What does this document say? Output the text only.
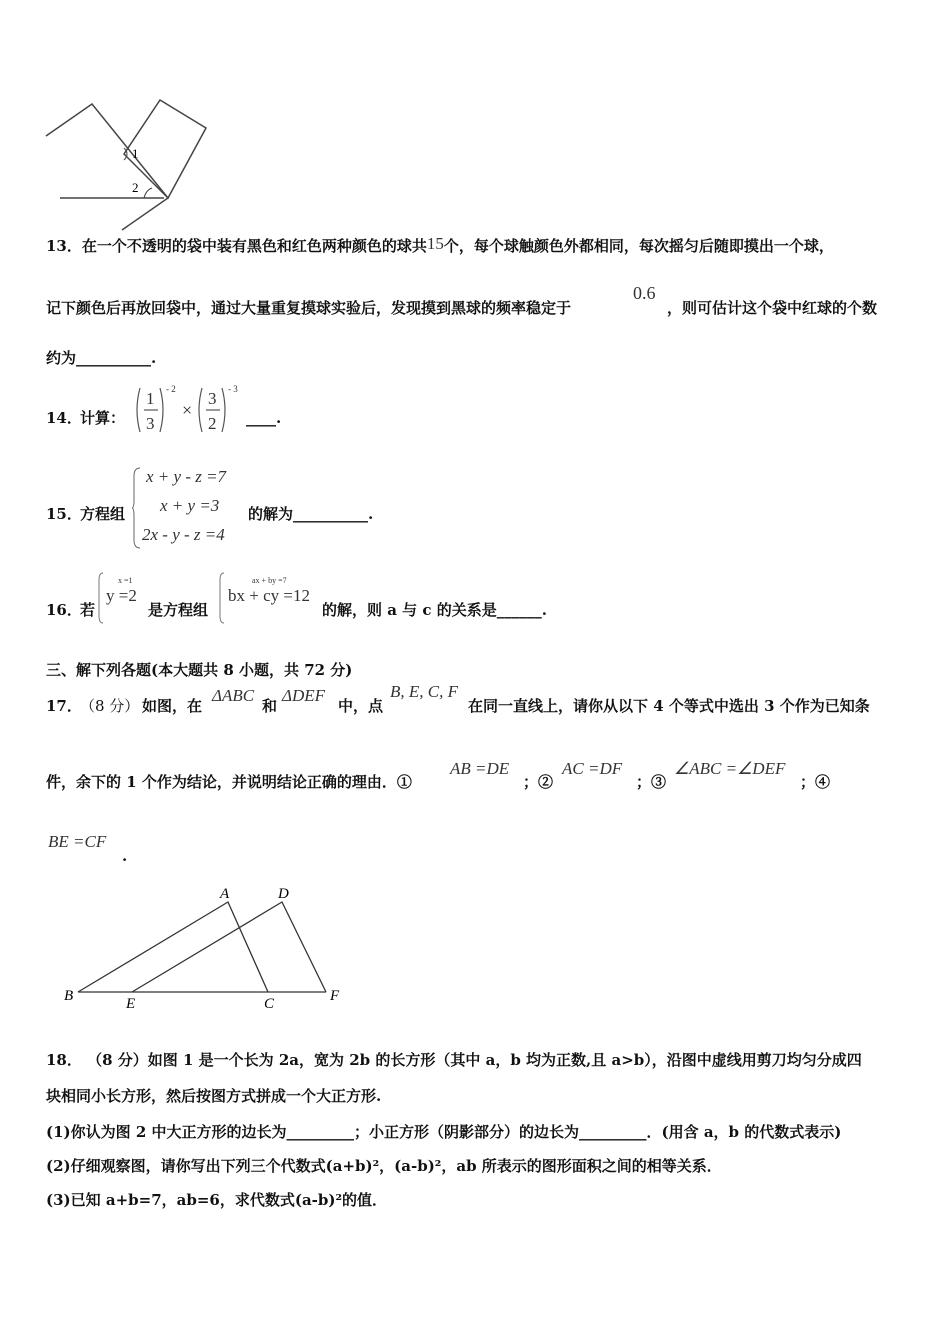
1
2
13．在一个不透明的袋中装有黑色和红色两种颜色的球共15个，每个球触颜色外都相同，每次摇匀后随即摸出一个球，
记下颜色后再放回袋中，通过大量重复摸球实验后，发现摸到黑球的频率稳定于
0.6
，则可估计这个袋中红球的个数
约为__________.
14．
计算：
1
3
- 2
×
3
2
- 3
____.
15．
方程组
x + y - z =7
x + y =3
2x - y - z =4
的解为__________.
16．
若
x =1
y =2
是方程组
ax + by =7
bx + cy =12
的解，则 a 与 c 的关系是______.
三、解下列各题(本大题共 8 小题，共 72 分)
17．
（8 分） 如图，在
ΔABC
和
ΔDEF
中，点
B, E, C, F
在同一直线上，请你从以下 4 个等式中选出 3 个作为已知条
件，余下的 1 个作为结论，并说明结论正确的理由．①
AB =DE
；②
AC =DF
；③
∠ABC =∠DEF
；④
BE =CF
.
A	D
B	E	C	F
18． （8 分）如图 1 是一个长为 2a，宽为 2b 的长方形（其中 a，b 均为正数,且 a>b），沿图中虚线用剪刀均匀分成四
块相同小长方形，然后按图方式拼成一个大正方形.
(1)你认为图 2 中大正方形的边长为_________；小正方形（阴影部分）的边长为_________．(用含 a，b 的代数式表示)
(2)仔细观察图，请你写出下列三个代数式(a+b)²，(a-b)²，ab 所表示的图形面积之间的相等关系．
(3)已知 a+b=7，ab=6，求代数式(a-b)²的值．
